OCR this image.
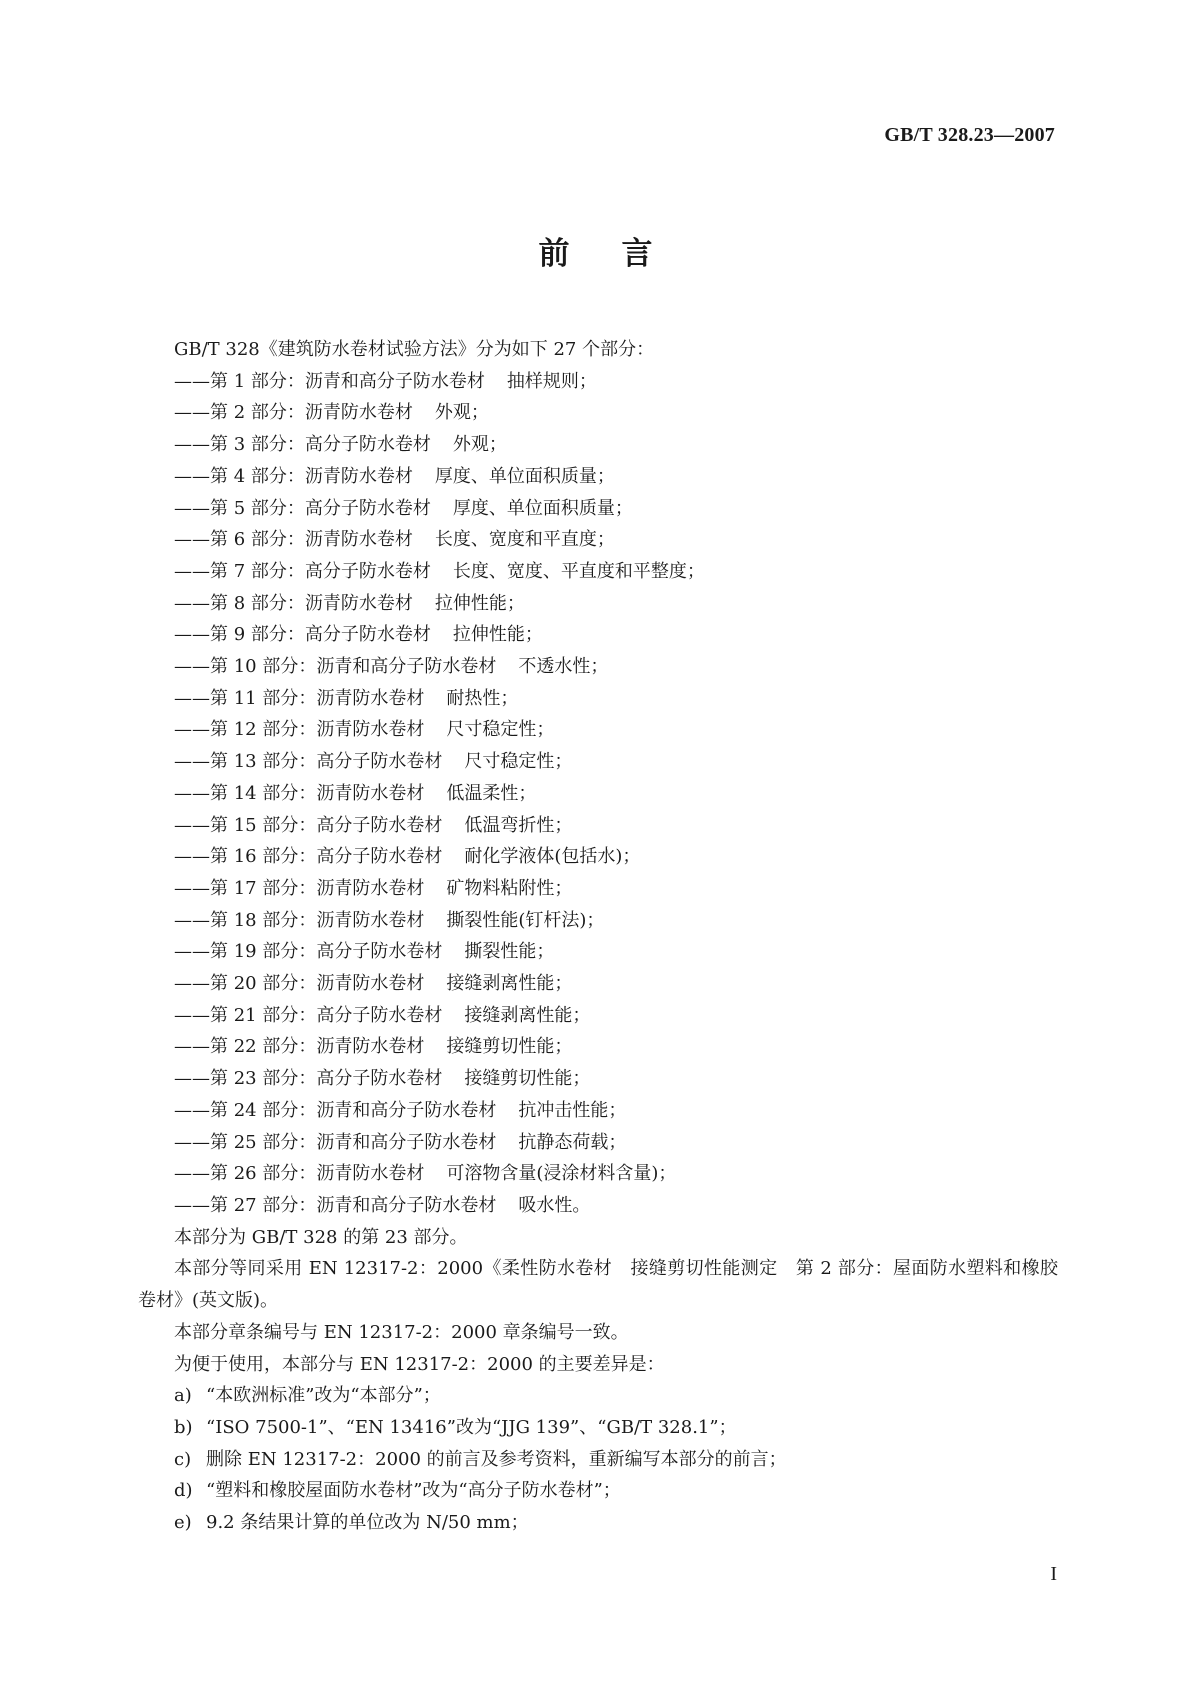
GB/T 328.23—2007
前 言
GB/T 328《建筑防水卷材试验方法》分为如下 27 个部分：
——第 1 部分：沥青和高分子防水卷材 抽样规则；
——第 2 部分：沥青防水卷材 外观；
——第 3 部分：高分子防水卷材 外观；
——第 4 部分：沥青防水卷材 厚度、单位面积质量；
——第 5 部分：高分子防水卷材 厚度、单位面积质量；
——第 6 部分：沥青防水卷材 长度、宽度和平直度；
——第 7 部分：高分子防水卷材 长度、宽度、平直度和平整度；
——第 8 部分：沥青防水卷材 拉伸性能；
——第 9 部分：高分子防水卷材 拉伸性能；
——第 10 部分：沥青和高分子防水卷材 不透水性；
——第 11 部分：沥青防水卷材 耐热性；
——第 12 部分：沥青防水卷材 尺寸稳定性；
——第 13 部分：高分子防水卷材 尺寸稳定性；
——第 14 部分：沥青防水卷材 低温柔性；
——第 15 部分：高分子防水卷材 低温弯折性；
——第 16 部分：高分子防水卷材 耐化学液体(包括水)；
——第 17 部分：沥青防水卷材 矿物料粘附性；
——第 18 部分：沥青防水卷材 撕裂性能(钉杆法)；
——第 19 部分：高分子防水卷材 撕裂性能；
——第 20 部分：沥青防水卷材 接缝剥离性能；
——第 21 部分：高分子防水卷材 接缝剥离性能；
——第 22 部分：沥青防水卷材 接缝剪切性能；
——第 23 部分：高分子防水卷材 接缝剪切性能；
——第 24 部分：沥青和高分子防水卷材 抗冲击性能；
——第 25 部分：沥青和高分子防水卷材 抗静态荷载；
——第 26 部分：沥青防水卷材 可溶物含量(浸涂材料含量)；
——第 27 部分：沥青和高分子防水卷材 吸水性。
本部分为 GB/T 328 的第 23 部分。
本部分等同采用 EN 12317-2：2000《柔性防水卷材　接缝剪切性能测定　第 2 部分：屋面防水塑料和橡胶卷材》(英文版)。
本部分章条编号与 EN 12317-2：2000 章条编号一致。
为便于使用，本部分与 EN 12317-2：2000 的主要差异是：
a) “本欧洲标准”改为“本部分”；
b) “ISO 7500-1”、“EN 13416”改为“JJG 139”、“GB/T 328.1”；
c) 删除 EN 12317-2：2000 的前言及参考资料，重新编写本部分的前言；
d) “塑料和橡胶屋面防水卷材”改为“高分子防水卷材”；
e) 9.2 条结果计算的单位改为 N/50 mm；
I
